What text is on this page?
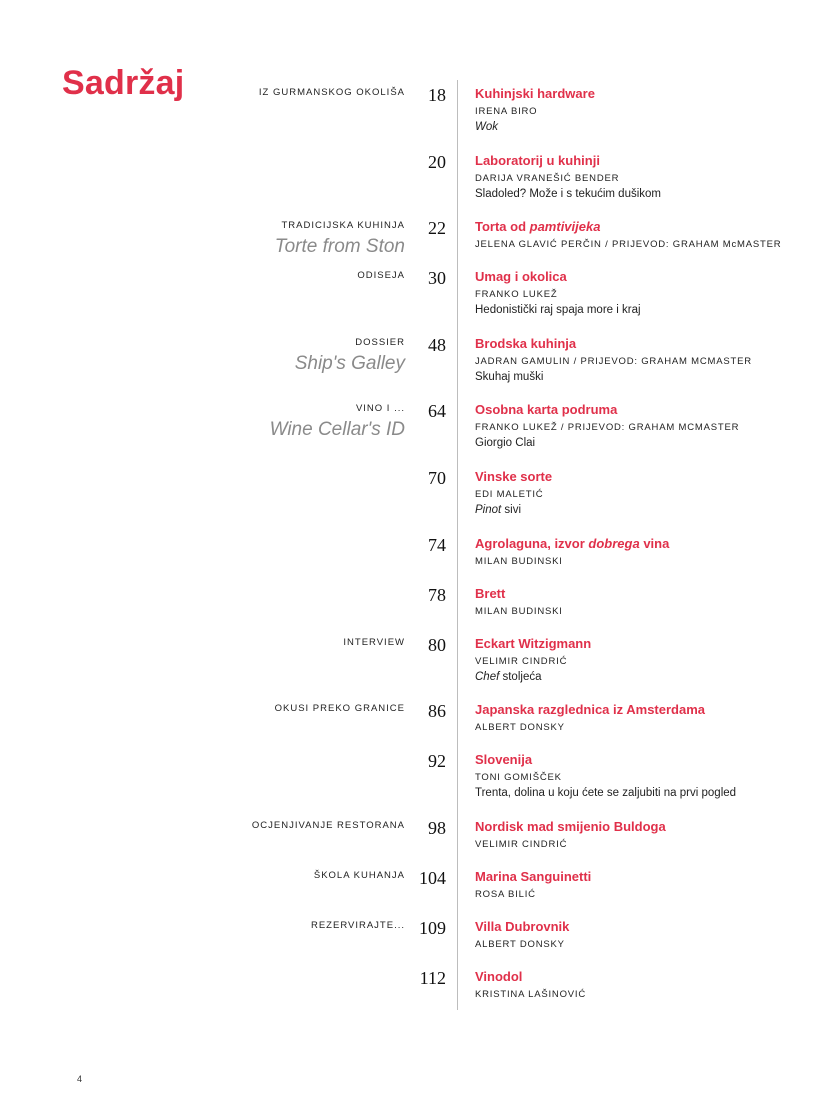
Sadržaj	IZ GURMANSKOG OKOLIŠA	18 Kuhinjski hardware
IRENA BIRO
Wok
20 Laboratorij u kuhinji
DARIJA VRANEŠIĆ BENDER
Sladoled? Može i s tekućim dušikom
TRADICIJSKA KUHINJA
Torte from Ston
22 Torta od pamtivijeka
JELENA GLAVIĆ PERČIN / PRIJEVOD: GRAHAM McMASTER
ODISEJA	30 Umag i okolica
FRANKO LUKEŽ
Hedonistički raj spaja more i kraj
DOSSIER
Ship's Galley
48 Brodska kuhinja
JADRAN GAMULIN / PRIJEVOD: GRAHAM MCMASTER
Skuhaj muški
VINO I ...
Wine Cellar's ID
64 Osobna karta podruma
FRANKO LUKEŽ / PRIJEVOD: GRAHAM MCMASTER
Giorgio Clai
70 Vinske sorte
EDI MALETIĆ
Pinot sivi
74 Agrolaguna, izvor dobrega vina
MILAN BUDINSKI
78 Brett
MILAN BUDINSKI
INTERVIEW	80 Eckart Witzigmann
VELIMIR CINDRIĆ
Chef stoljeća
OKUSI PREKO GRANICE	86 Japanska razglednica iz Amsterdama
ALBERT DONSKY
92 Slovenija
TONI GOMIŠČEK
Trenta, dolina u koju ćete se zaljubiti na prvi pogled
OCJENJIVANJE RESTORANA	98 Nordisk mad smijenio Buldoga
VELIMIR CINDRIĆ
ŠKOLA KUHANJA 104 Marina Sanguinetti
ROSA BILIĆ
REZERVIRAJTE... 109 Villa Dubrovnik
ALBERT DONSKY
112 Vinodol
KRISTINA LAŠINOVIĆ
4
